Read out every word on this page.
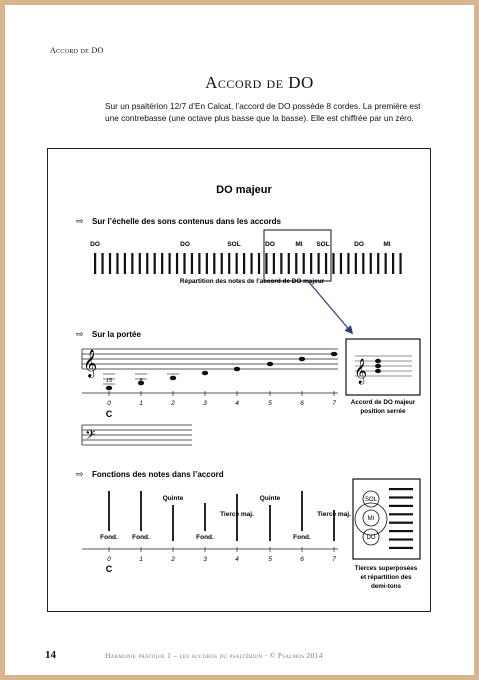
Accord de DO
Accord de DO
Sur un psaltérion 12/7 d’En Calcat, l’accord de DO possède 8 cordes. La première est une contrebasse (une octave plus basse que la basse). Elle est chiffrée par un zéro.
DO majeur
⇨ Sur l’échelle des sons contenus dans les accords
DO	DO	SOL	DO	MI SOL	DO	MI
Répartition des notes de l’accord de DO majeur
⇨ Sur la portée
𝄞
15	8
0	1	2	3	4	5	6	7
C
𝄢
𝄞
Accord de DO majeur
position serrée
⇨ Fonctions des notes dans l’accord
Fond. Fond.
Quinte
Fond.
Tierce maj.
Quinte
Fond.
Tierce maj.
0	1	2	3	4	5	6	7
C
SOL
MI
DO
Tierces superposées
et répartition des
demi-tons
14	Harmonie pratique 1 – les accords du psaltérion · © Psalmos 2014
